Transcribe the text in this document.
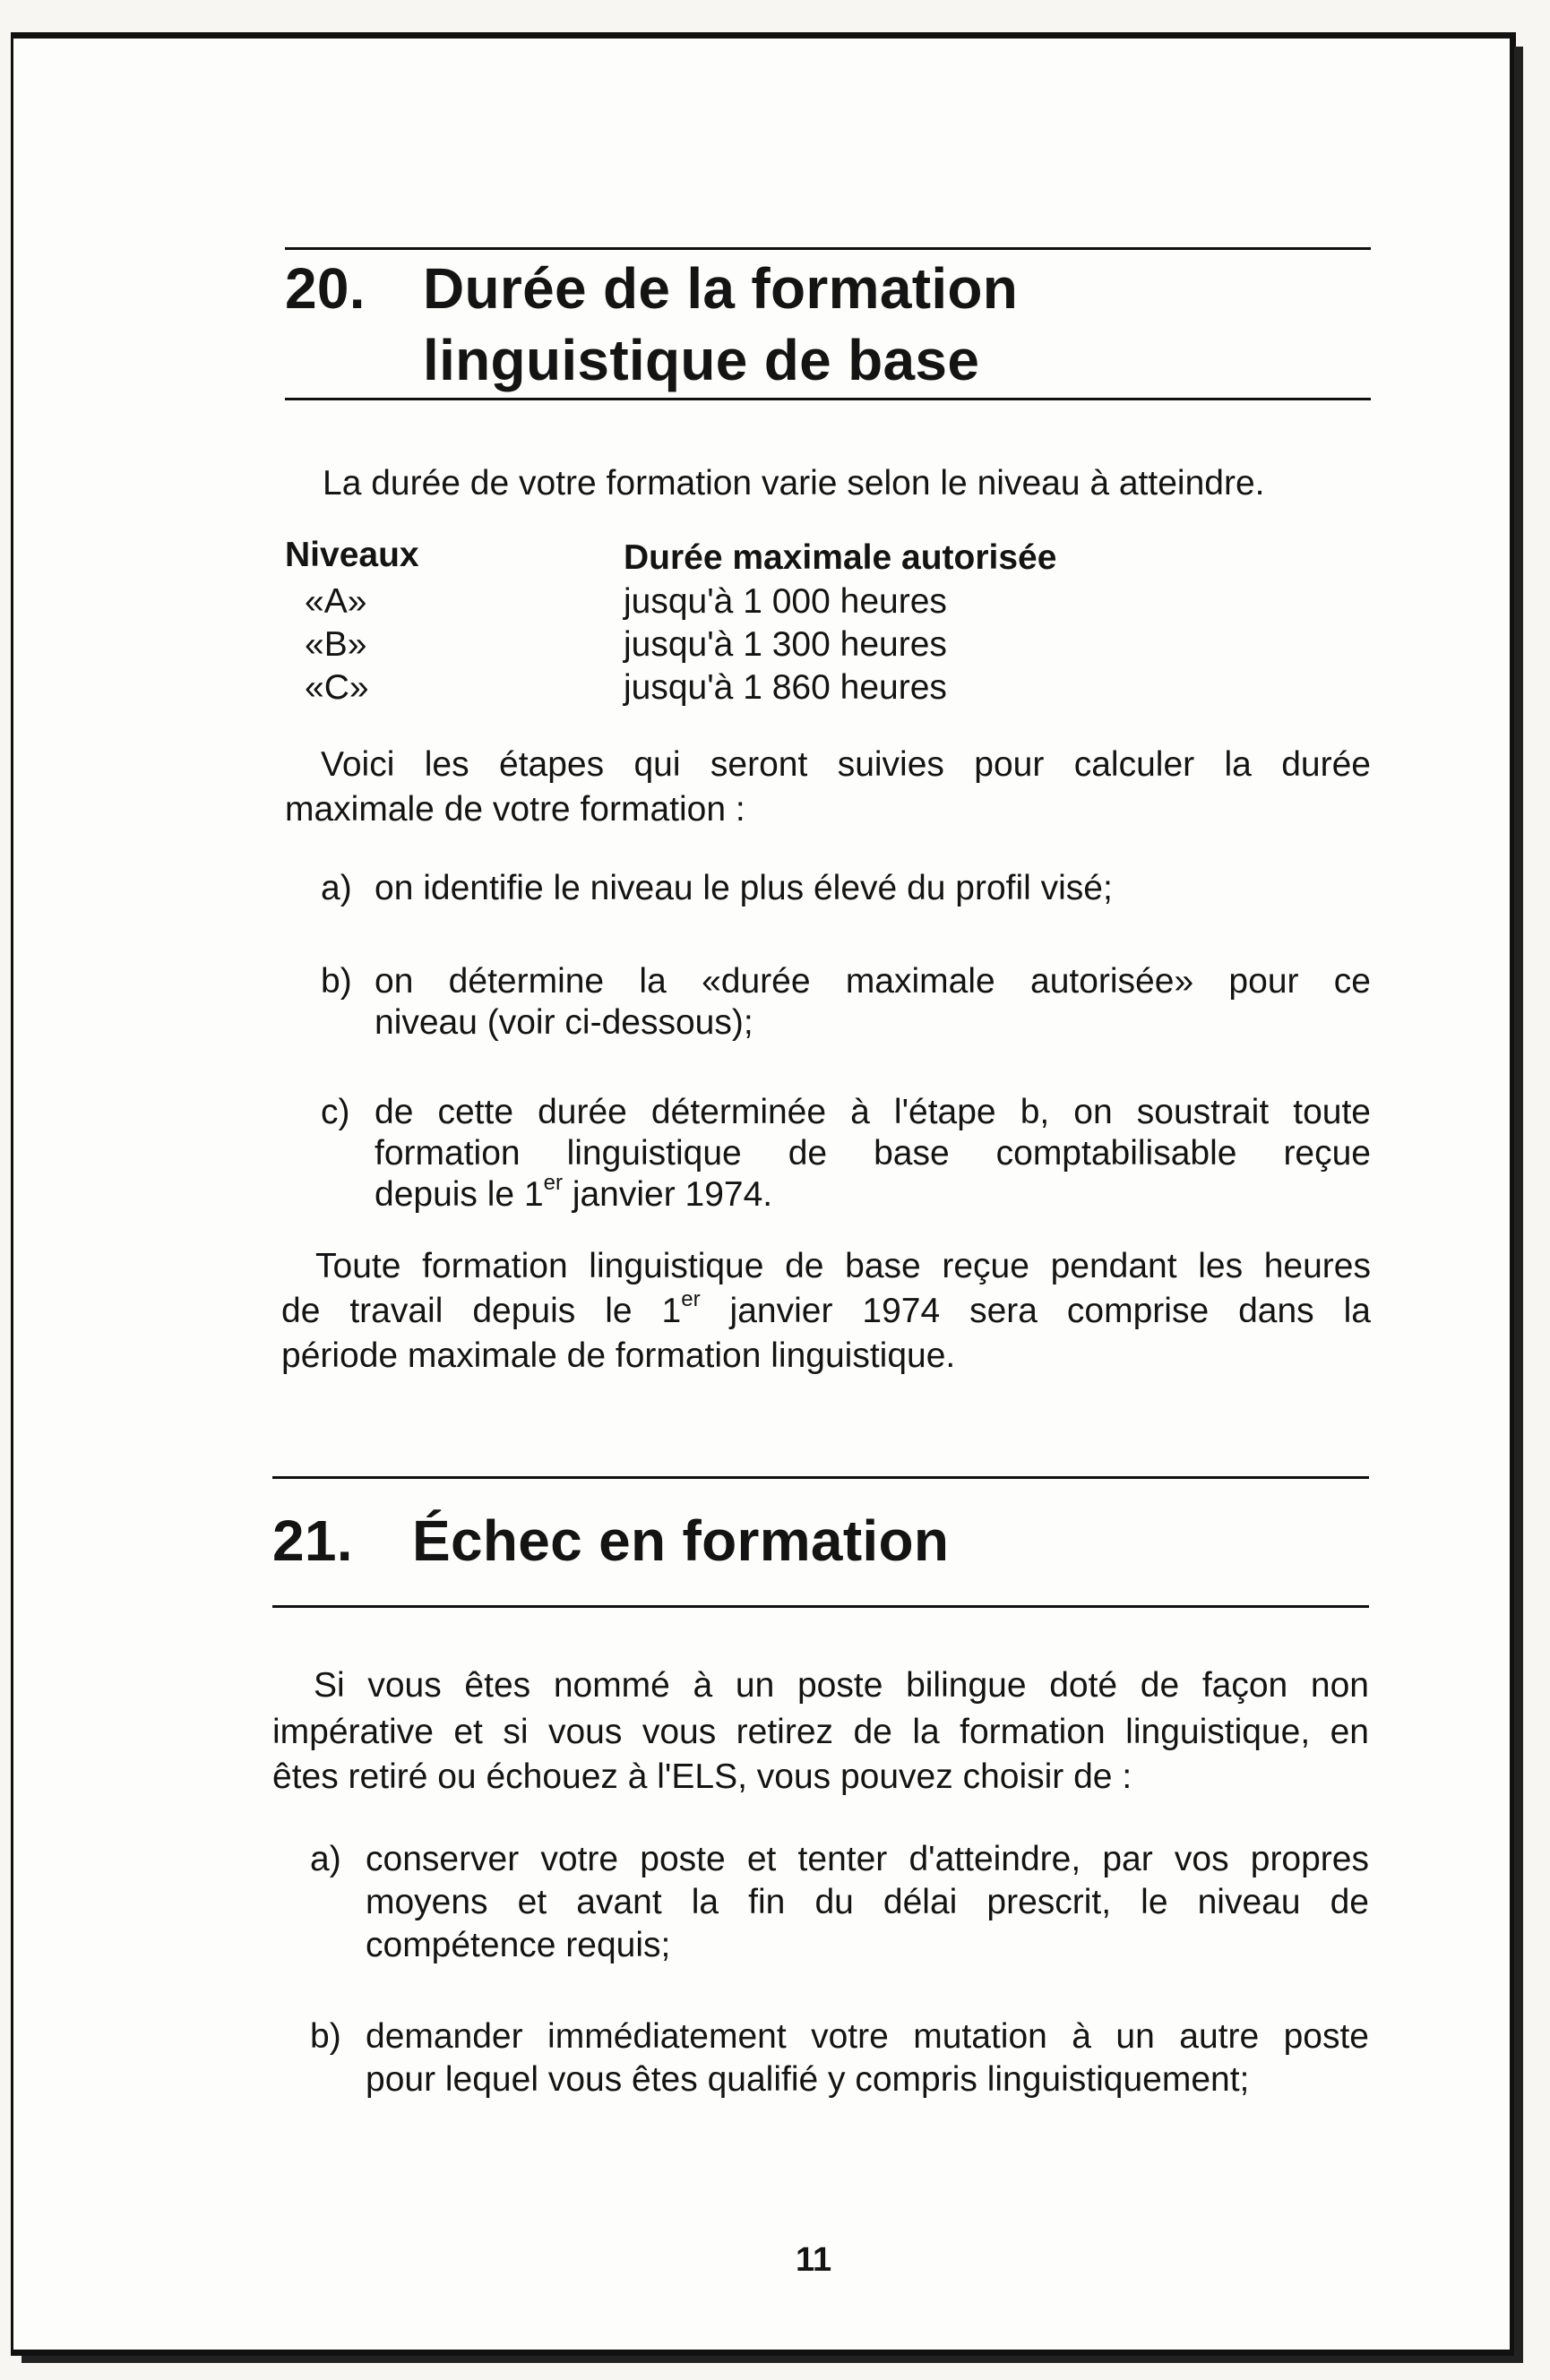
20. Durée de la formation
linguistique de base
La durée de votre formation varie selon le niveau à atteindre.
Niveaux	Durée maximale autorisée
«A»	jusqu'à 1 000 heures
«B»	jusqu'à 1 300 heures
«C»	jusqu'à 1 860 heures
Voici les étapes qui seront suivies pour calculer la durée
maximale de votre formation :
a) on identifie le niveau le plus élevé du profil visé;
b) on détermine la «durée maximale autorisée» pour ce
niveau (voir ci-dessous);
c) de cette durée déterminée à l'étape b, on soustrait toute
formation linguistique de base comptabilisable reçue
depuis le 1er janvier 1974.
Toute formation linguistique de base reçue pendant les heures
de travail depuis le 1er janvier 1974 sera comprise dans la
période maximale de formation linguistique.
21. Échec en formation
Si vous êtes nommé à un poste bilingue doté de façon non
impérative et si vous vous retirez de la formation linguistique, en
êtes retiré ou échouez à l'ELS, vous pouvez choisir de :
a) conserver votre poste et tenter d'atteindre, par vos propres
moyens et avant la fin du délai prescrit, le niveau de
compétence requis;
b) demander immédiatement votre mutation à un autre poste
pour lequel vous êtes qualifié y compris linguistiquement;
11
